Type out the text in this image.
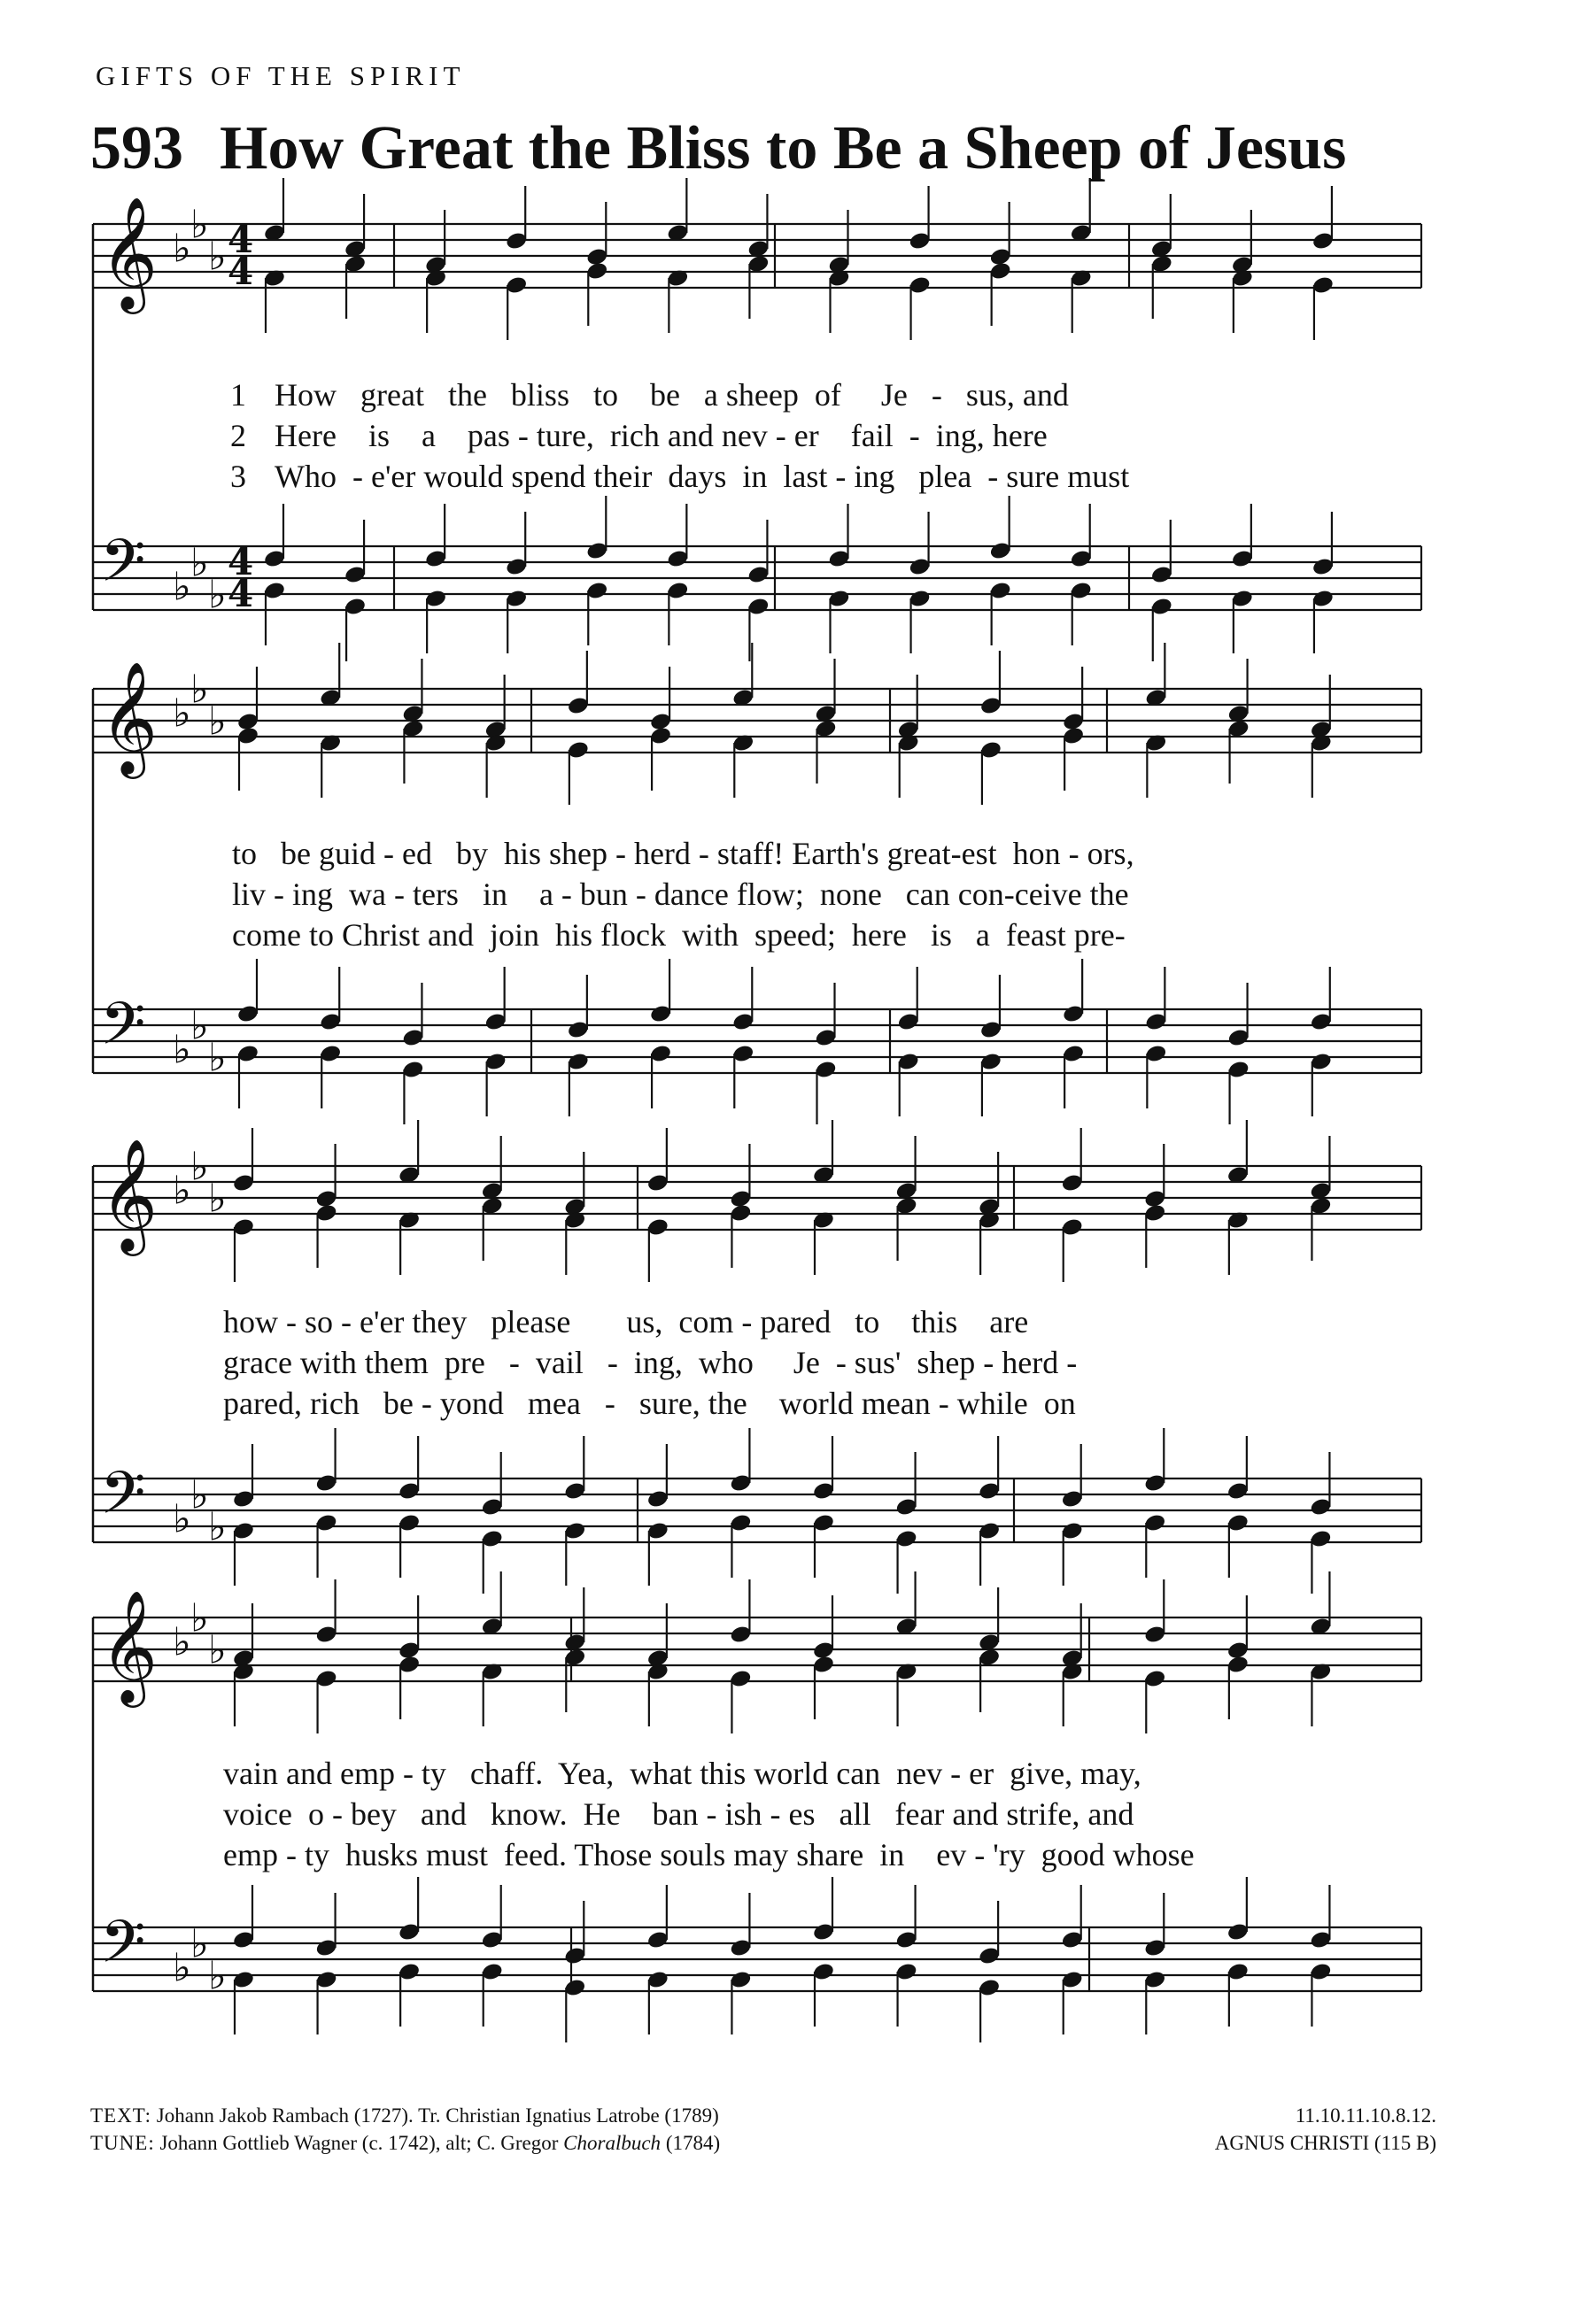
GIFTS OF THE SPIRIT
593 How Great the Bliss to Be a Sheep of Jesus
𝄞 ♭
♭
♭
𝄢 ♭
♭
♭
4
4
4
4
𝄞 ♭
♭
♭
𝄢 ♭
♭
♭
𝄞 ♭
♭
♭
𝄢 ♭
♭
♭
𝄞 ♭
♭
♭
𝄢 ♭
♭
♭
1 How   great   the   bliss   to    be   a sheep  of     Je   -   sus, and
2 Here    is    a    pas - ture,  rich and nev - er    fail  -  ing, here
3 Who  - e'er would spend their  days  in  last - ing   plea  - sure must
to   be guid - ed   by  his shep - herd - staff! Earth's great-est  hon - ors,
liv - ing  wa - ters   in    a - bun - dance flow;  none   can con-ceive the
come to Christ and  join  his flock  with  speed;  here   is   a  feast pre-
how - so - e'er they   please       us,  com - pared   to    this    are
grace with them  pre   -  vail   -  ing,  who     Je  - sus'  shep - herd -
pared, rich   be - yond   mea   -   sure, the    world mean - while  on
vain and emp - ty   chaff.  Yea,  what this world can  nev - er  give, may,
voice  o - bey   and   know.  He    ban - ish - es   all   fear and strife, and
emp - ty  husks must  feed. Those souls may share  in    ev - 'ry  good whose
TEXT: Johann Jakob Rambach (1727). Tr. Christian Ignatius Latrobe (1789)
TUNE: Johann Gottlieb Wagner (c. 1742), alt; C. Gregor Choralbuch (1784)
11.10.11.10.8.12.
AGNUS CHRISTI (115 B)
